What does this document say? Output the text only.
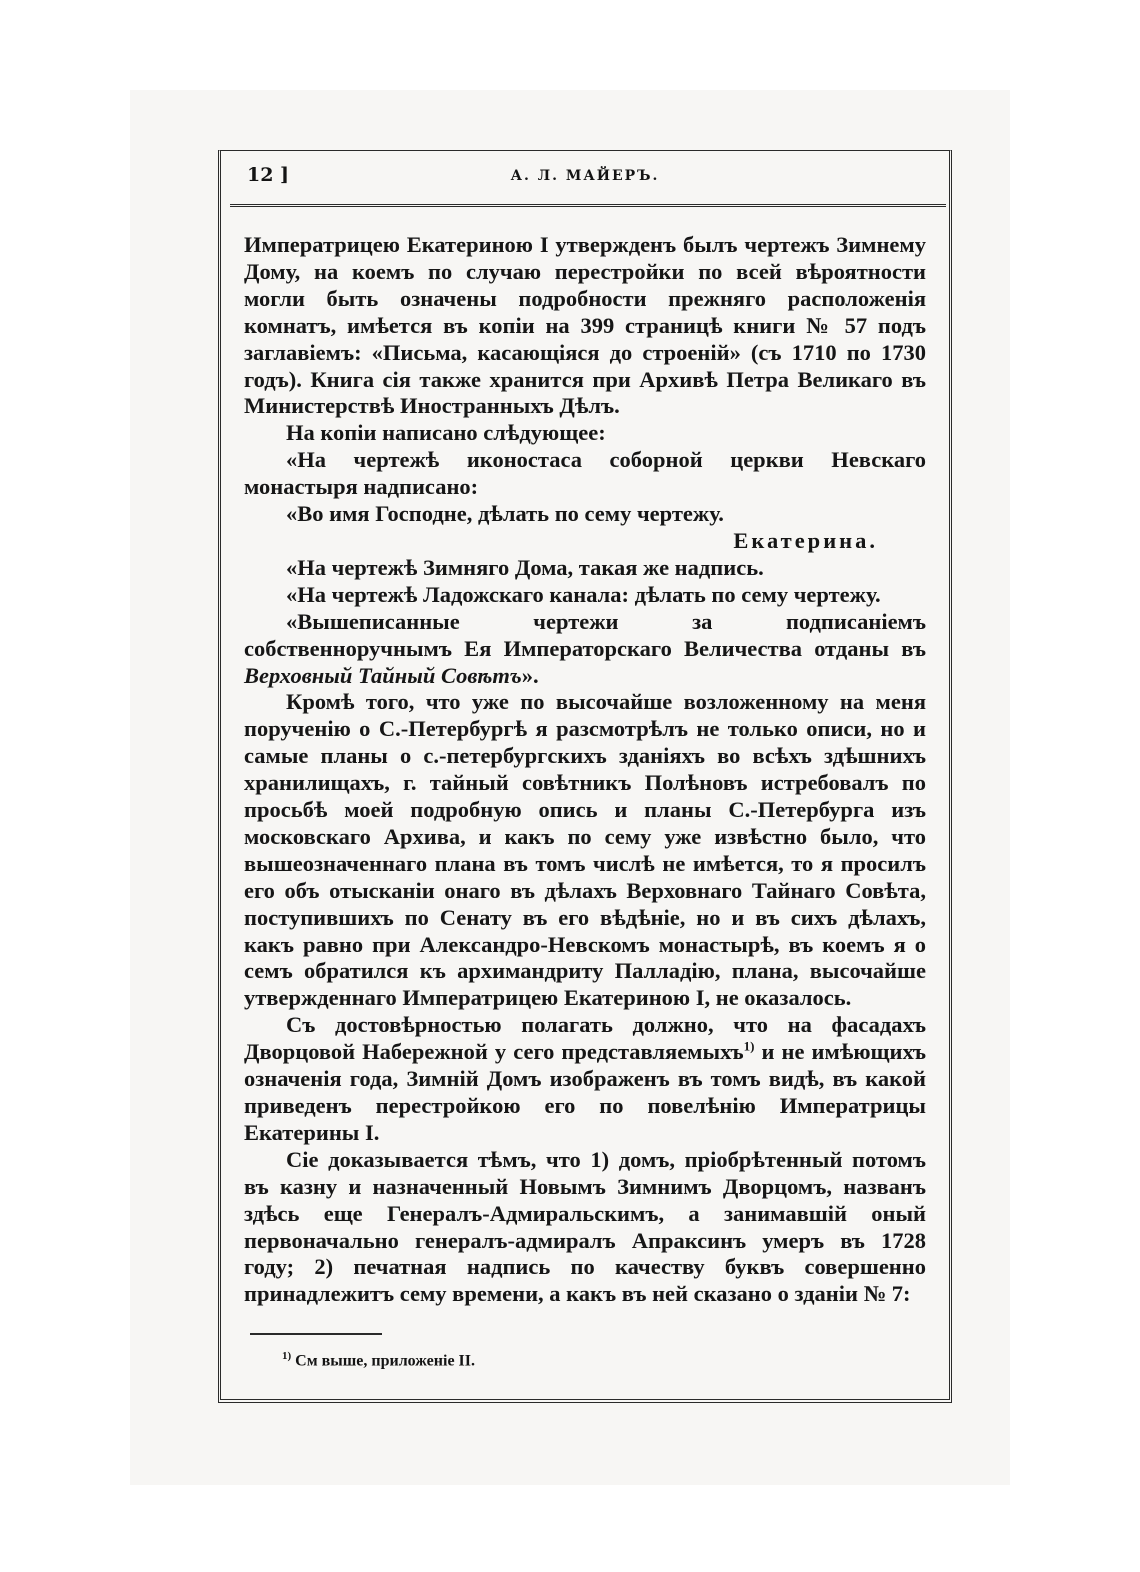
12 ]	А. Л. МАЙЕРЪ.

Императрицею Екатериною I утвержденъ былъ чертежъ Зимнему Дому, на коемъ по случаю перестройки по всей вѣроятности могли быть означены подробности прежняго расположенія комнатъ, имѣется въ копіи на 399 страницѣ книги № 57 подъ заглавіемъ: «Письма, касающіяся до строеній» (съ 1710 по 1730 годъ). Книга сія также хранится при Архивѣ Петра Великаго въ Министерствѣ Иностранныхъ Дѣлъ.

На копіи написано слѣдующее:

«На чертежѣ иконостаса соборной церкви Невскаго монастыря надписано:

«Во имя Господне, дѣлать по сему чертежу.

Екатерина.

«На чертежѣ Зимняго Дома, такая же надпись.

«На чертежѣ Ладожскаго канала: дѣлать по сему чертежу.

«Вышеписанные чертежи за подписаніемъ собственноручнымъ Ея Императорскаго Величества отданы въ Верховный Тайный Совѣтъ».

Кромѣ того, что уже по высочайше возложенному на меня порученію о С.-Петербургѣ я разсмотрѣлъ не только описи, но и самые планы о с.-петербургскихъ зданіяхъ во всѣхъ здѣшнихъ хранилищахъ, г. тайный совѣтникъ Полѣновъ истребовалъ по просьбѣ моей подробную опись и планы С.-Петербурга изъ московскаго Архива, и какъ по сему уже извѣстно было, что вышеозначеннаго плана въ томъ числѣ не имѣется, то я просилъ его объ отысканіи онаго въ дѣлахъ Верховнаго Тайнаго Совѣта, поступившихъ по Сенату въ его вѣдѣніе, но и въ сихъ дѣлахъ, какъ равно при Александро-Невскомъ монастырѣ, въ коемъ я о семъ обратился къ архимандриту Палладію, плана, высочайше утвержденнаго Императрицею Екатериною I, не оказалось.

Съ достовѣрностью полагать должно, что на фасадахъ Дворцовой Набережной у сего представляемыхъ$^{1)}$ и не имѣющихъ означенія года, Зимній Домъ изображенъ въ томъ видѣ, въ какой приведенъ перестройкою его по повелѣнію Императрицы Екатерины I.

Сіе доказывается тѣмъ, что 1) домъ, пріобрѣтенный потомъ въ казну и назначенный Новымъ Зимнимъ Дворцомъ, названъ здѣсь еще Генералъ-Адмиральскимъ, а занимавшій оный первоначально генералъ-адмиралъ Апраксинъ умеръ въ 1728 году; 2) печатная надпись по качеству буквъ совершенно принадлежитъ сему времени, а какъ въ ней сказано о зданіи № 7:

$^{1)}$ См выше, приложеніе II.
